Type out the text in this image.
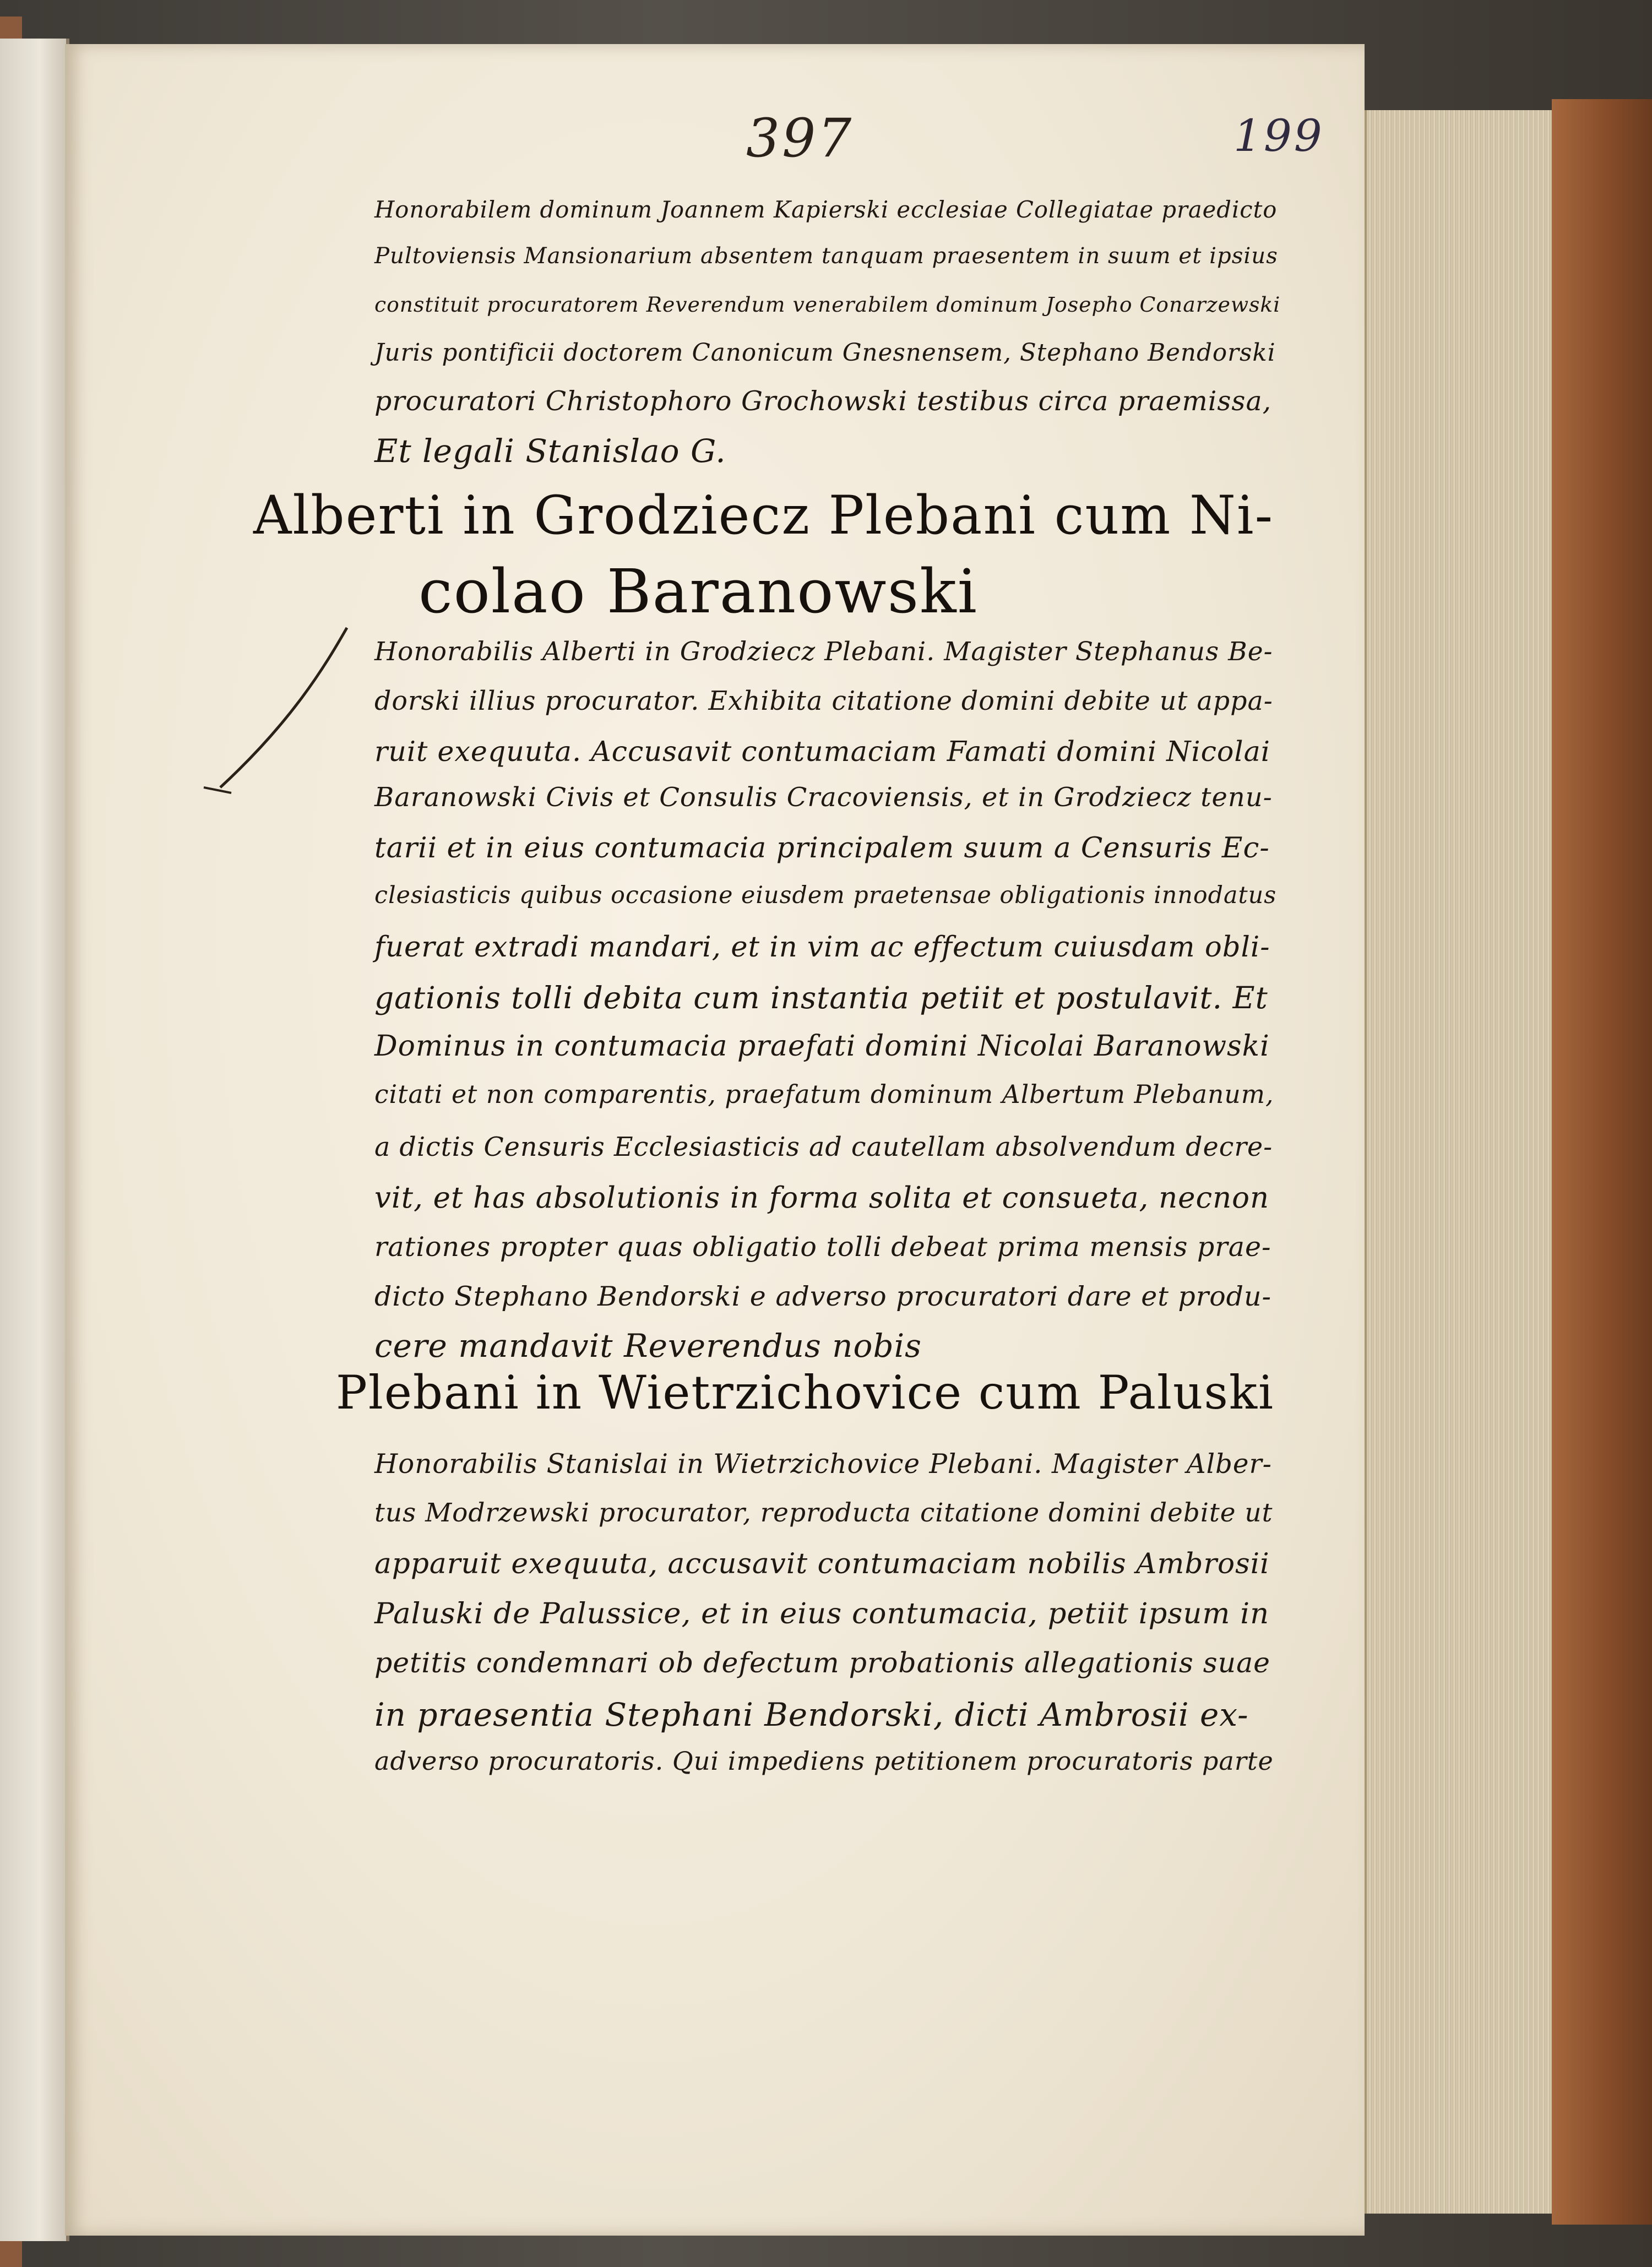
397	199
Honorabilem dominum Joannem Kapierski ecclesiae Collegiatae praedicto
Pultoviensis Mansionarium absentem tanquam praesentem in suum et ipsius
constituit procuratorem Reverendum venerabilem dominum Josepho Conarzewski
Juris pontificii doctorem Canonicum Gnesnensem, Stephano Bendorski
procuratori Christophoro Grochowski testibus circa praemissa,
Et legali Stanislao G.
Alberti in Grodziecz Plebani cum Ni-
colao Baranowski
Honorabilis Alberti in Grodziecz Plebani. Magister Stephanus Be-
dorski illius procurator. Exhibita citatione domini debite ut appa-
ruit exequuta. Accusavit contumaciam Famati domini Nicolai
Baranowski Civis et Consulis Cracoviensis, et in Grodziecz tenu-
tarii et in eius contumacia principalem suum a Censuris Ec-
clesiasticis quibus occasione eiusdem praetensae obligationis innodatus
fuerat extradi mandari, et in vim ac effectum cuiusdam obli-
gationis tolli debita cum instantia petiit et postulavit. Et
Dominus in contumacia praefati domini Nicolai Baranowski
citati et non comparentis, praefatum dominum Albertum Plebanum,
a dictis Censuris Ecclesiasticis ad cautellam absolvendum decre-
vit, et has absolutionis in forma solita et consueta, necnon
rationes propter quas obligatio tolli debeat prima mensis prae-
dicto Stephano Bendorski e adverso procuratori dare et produ-
cere mandavit Reverendus nobis
Plebani in Wietrzichovice cum Paluski
Honorabilis Stanislai in Wietrzichovice Plebani. Magister Alber-
tus Modrzewski procurator, reproducta citatione domini debite ut
apparuit exequuta, accusavit contumaciam nobilis Ambrosii
Paluski de Palussice, et in eius contumacia, petiit ipsum in
petitis condemnari ob defectum probationis allegationis suae
in praesentia Stephani Bendorski, dicti Ambrosii ex-
adverso procuratoris. Qui impediens petitionem procuratoris parte
